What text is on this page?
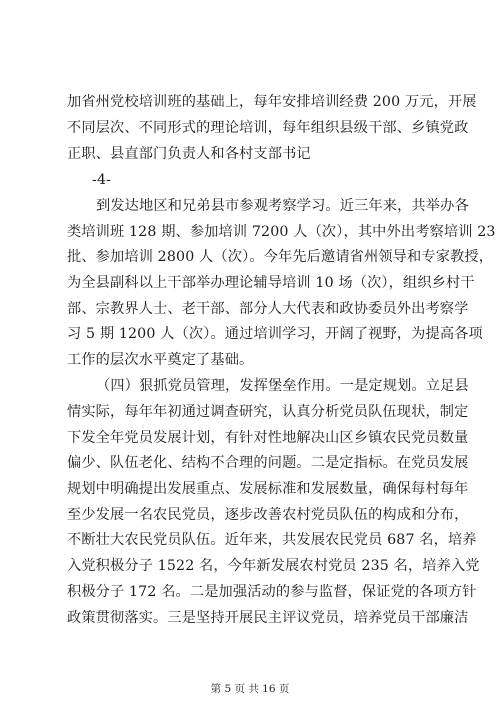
加省州党校培训班的基础上，每年安排培训经费 200 万元，开展
不同层次、不同形式的理论培训，每年组织县级干部、乡镇党政
正职、县直部门负责人和各村支部书记
-4-
到发达地区和兄弟县市参观考察学习。近三年来，共举办各
类培训班 128 期、参加培训 7200 人（次），其中外出考察培训 23
批、参加培训 2800 人（次）。今年先后邀请省州领导和专家教授，
为全县副科以上干部举办理论辅导培训 10 场（次），组织乡村干
部、宗教界人士、老干部、部分人大代表和政协委员外出考察学
习 5 期 1200 人（次）。通过培训学习，开阔了视野，为提高各项
工作的层次水平奠定了基础。
（四）狠抓党员管理，发挥堡垒作用。一是定规划。立足县
情实际，每年年初通过调查研究，认真分析党员队伍现状，制定
下发全年党员发展计划，有针对性地解决山区乡镇农民党员数量
偏少、队伍老化、结构不合理的问题。二是定指标。在党员发展
规划中明确提出发展重点、发展标准和发展数量，确保每村每年
至少发展一名农民党员，逐步改善农村党员队伍的构成和分布，
不断壮大农民党员队伍。近年来，共发展农民党员 687 名，培养
入党积极分子 1522 名，今年新发展农村党员 235 名，培养入党
积极分子 172 名。二是加强活动的参与监督，保证党的各项方针
政策贯彻落实。三是坚持开展民主评议党员，培养党员干部廉洁
第 5 页 共 16 页
